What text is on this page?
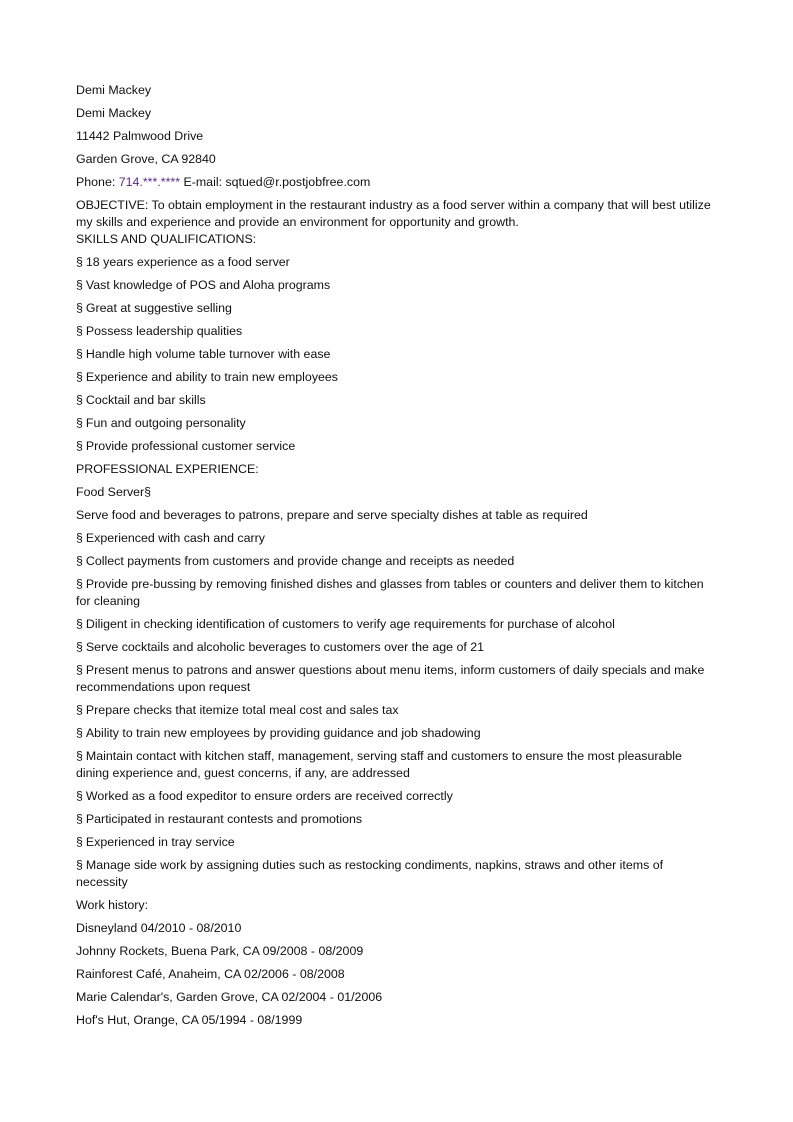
Demi Mackey
Demi Mackey
11442 Palmwood Drive
Garden Grove, CA 92840
Phone: 714.***.**** E-mail: sqtued@r.postjobfree.com
OBJECTIVE: To obtain employment in the restaurant industry as a food server within a company that will best utilize my skills and experience and provide an environment for opportunity and growth.
SKILLS AND QUALIFICATIONS:
§ 18 years experience as a food server
§ Vast knowledge of POS and Aloha programs
§ Great at suggestive selling
§ Possess leadership qualities
§ Handle high volume table turnover with ease
§ Experience and ability to train new employees
§ Cocktail and bar skills
§ Fun and outgoing personality
§ Provide professional customer service
PROFESSIONAL EXPERIENCE:
Food Server§
Serve food and beverages to patrons, prepare and serve specialty dishes at table as required
§ Experienced with cash and carry
§ Collect payments from customers and provide change and receipts as needed
§ Provide pre-bussing by removing finished dishes and glasses from tables or counters and deliver them to kitchen for cleaning
§ Diligent in checking identification of customers to verify age requirements for purchase of alcohol
§ Serve cocktails and alcoholic beverages to customers over the age of 21
§ Present menus to patrons and answer questions about menu items, inform customers of daily specials and make recommendations upon request
§ Prepare checks that itemize total meal cost and sales tax
§ Ability to train new employees by providing guidance and job shadowing
§ Maintain contact with kitchen staff, management, serving staff and customers to ensure the most pleasurable dining experience and, guest concerns, if any, are addressed
§ Worked as a food expeditor to ensure orders are received correctly
§ Participated in restaurant contests and promotions
§ Experienced in tray service
§ Manage side work by assigning duties such as restocking condiments, napkins, straws and other items of necessity
Work history:
Disneyland 04/2010 - 08/2010
Johnny Rockets, Buena Park, CA 09/2008 - 08/2009
Rainforest Café, Anaheim, CA 02/2006 - 08/2008
Marie Calendar's, Garden Grove, CA 02/2004 - 01/2006
Hof's Hut, Orange, CA 05/1994 - 08/1999
